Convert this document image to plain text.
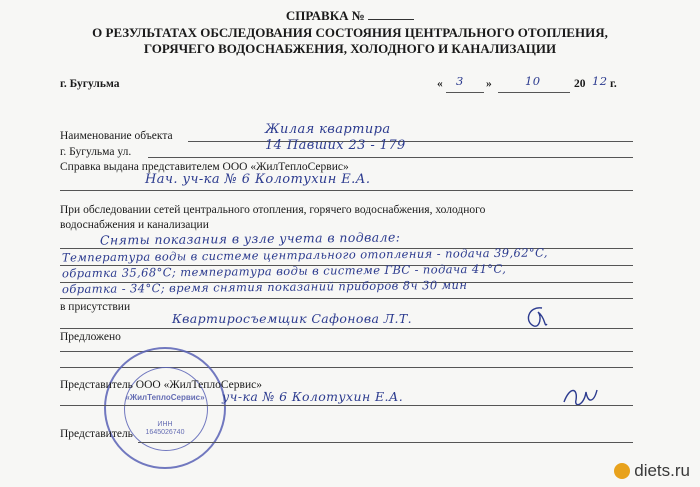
СПРАВКА №
О РЕЗУЛЬТАТАХ ОБСЛЕДОВАНИЯ СОСТОЯНИЯ ЦЕНТРАЛЬНОГО ОТОПЛЕНИЯ,
ГОРЯЧЕГО ВОДОСНАБЖЕНИЯ, ХОЛОДНОГО И КАНАЛИЗАЦИИ
г. Бугульма	« 3 »	10	20 12 г.
Наименование объекта	Жилая квартира
г. Бугульма ул.	14 Павших 23 - 179
Справка выдана представителем ООО «ЖилТеплоСервис»
Нач. уч-ка № 6 Колотухин Е.А.
При обследовании сетей центрального отопления, горячего водоснабжения, холодного
водоснабжения и канализации
Сняты показания в узле учета в подвале:
Температура воды в системе центрального отопления - подача 39,62°C,
обратка 35,68°C; температура воды в системе ГВС - подача 41°C,
обратка - 34°C; время снятия показаний приборов 8ч 30 мин
в присутствии
Квартиросъемщик Сафонова Л.Т.
Предложено
«ЖилТеплоСервис»
ИНН
1645026740
Представитель ООО «ЖилТеплоСервис»
уч-ка № 6 Колотухин Е.А.
Представитель
diets.ru
